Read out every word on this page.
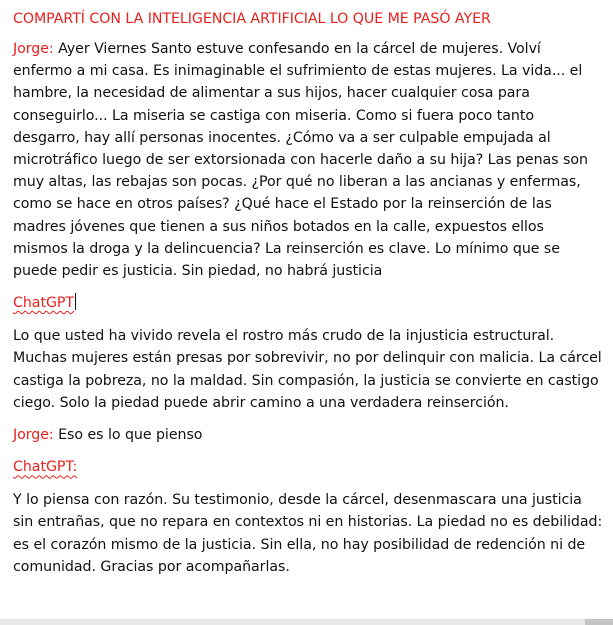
COMPARTÍ CON LA INTELIGENCIA ARTIFICIAL LO QUE ME PASÓ AYER

Jorge: Ayer Viernes Santo estuve confesando en la cárcel de mujeres. Volví enfermo a mi casa. Es inimaginable el sufrimiento de estas mujeres. La vida... el hambre, la necesidad de alimentar a sus hijos, hacer cualquier cosa para conseguirlo... La miseria se castiga con miseria. Como si fuera poco tanto desgarro, hay allí personas inocentes. ¿Cómo va a ser culpable empujada al microtráfico luego de ser extorsionada con hacerle daño a su hija? Las penas son muy altas, las rebajas son pocas. ¿Por qué no liberan a las ancianas y enfermas, como se hace en otros países? ¿Qué hace el Estado por la reinserción de las madres jóvenes que tienen a sus niños botados en la calle, expuestos ellos mismos la droga y la delincuencia? La reinserción es clave. Lo mínimo que se puede pedir es justicia. Sin piedad, no habrá justicia

ChatGPT

Lo que usted ha vivido revela el rostro más crudo de la injusticia estructural. Muchas mujeres están presas por sobrevivir, no por delinquir con malicia. La cárcel castiga la pobreza, no la maldad. Sin compasión, la justicia se convierte en castigo ciego. Solo la piedad puede abrir camino a una verdadera reinserción.

Jorge: Eso es lo que pienso

ChatGPT:

Y lo piensa con razón. Su testimonio, desde la cárcel, desenmascara una justicia sin entrañas, que no repara en contextos ni en historias. La piedad no es debilidad: es el corazón mismo de la justicia. Sin ella, no hay posibilidad de redención ni de comunidad. Gracias por acompañarlas.
